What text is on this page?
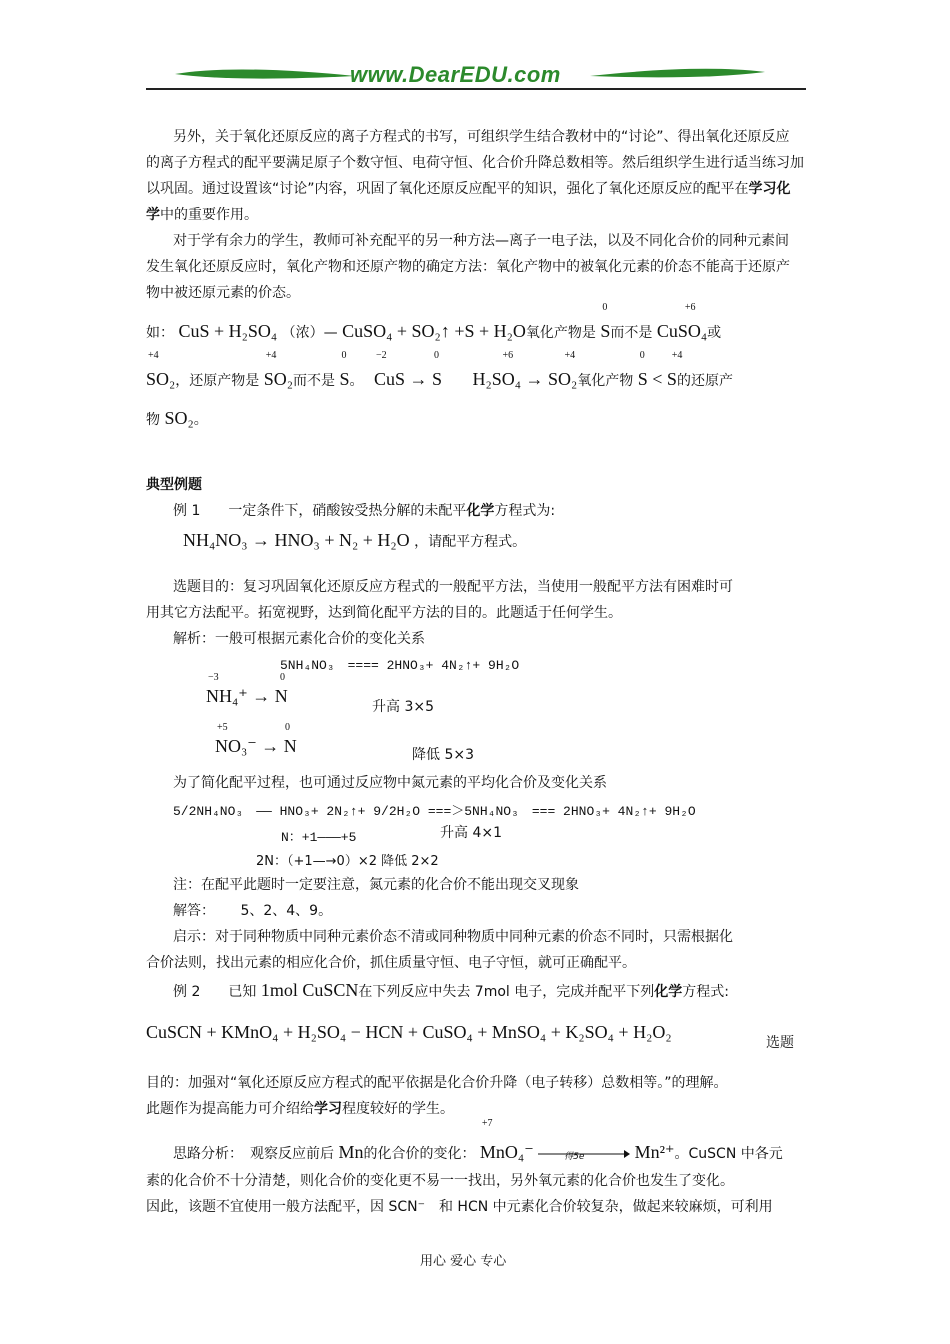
www.DearEDU.com
另外，关于氧化还原反应的离子方程式的书写，可组织学生结合教材中的“讨论”、得出氧化还原反应
的离子方程式的配平要满足原子个数守恒、电荷守恒、化合价升降总数相等。然后组织学生进行适当练习加
以巩固。通过设置该“讨论”内容，巩固了氧化还原反应配平的知识，强化了氧化还原反应的配平在学习化
学中的重要作用。
对于学有余力的学生，教师可补充配平的另一种方法—离子一电子法，以及不同化合价的同种元素间
发生氧化还原反应时，氧化产物和还原产物的确定方法：氧化产物中的被氧化元素的价态不能高于还原产
物中被还原元素的价态。
如： CuS + H₂SO₄ （浓）— CuSO₄ + SO₂↑ +S + H₂O氧化产物是
0
S而不是
+6
CuSO₄或
+4
SO₂，还原产物是
+4
SO₂而不是
0
S。
−2	0
CuS → S
+6	+4
H₂SO₄ → SO₂氧化产物
0	+4
S < S的还原产
物 SO₂。
典型例题
例 1　　一定条件下，硝酸铵受热分解的未配平化学方程式为:
NH₄NO₃ → HNO₃ + N₂ + H₂O ，请配平方程式。
选题目的：复习巩固氧化还原反应方程式的一般配平方法，当使用一般配平方法有困难时可
用其它方法配平。拓宽视野，达到简化配平方法的目的。此题适于任何学生。
解析：一般可根据元素化合价的变化关系
5NH₄NO₃　==== 2HNO₃+ 4N₂↑+ 9H₂O
−3	0
NH₄⁺ → N
升高 3×5
+5	0
NO₃⁻ → N	降低 5×3
为了简化配平过程，也可通过反应物中氮元素的平均化合价及变化关系
5/2NH₄NO₃　—— HNO₃+ 2N₂↑+ 9/2H₂O ===＞5NH₄NO₃　=== 2HNO₃+ 4N₂↑+ 9H₂O
N：+1———+5	升高 4×1
2N：（+1—→0）×2 降低 2×2
注：在配平此题时一定要注意，氮元素的化合价不能出现交叉现象
解答：　　 5、2、4、9。
启示：对于同种物质中同种元素价态不清或同种物质中同种元素的价态不同时，只需根据化
合价法则，找出元素的相应化合价，抓住质量守恒、电子守恒，就可正确配平。
例 2　　已知 1mol CuSCN在下列反应中失去 7mol 电子，完成并配平下列化学方程式:
CuSCN + KMnO₄ + H₂SO₄ − HCN + CuSO₄ + MnSO₄ + K₂SO₄ + H₂O₂
选题
目的：加强对“氧化还原反应方程式的配平依据是化合价升降（电子转移）总数相等。”的理解。
此题作为提高能力可介绍给学习程度较好的学生。
思路分析：　观察反应前后 Mn的化合价的变化：
+7
MnO₄⁻	得5e⁻	Mn²⁺。CuSCN 中各元
素的化合价不十分清楚，则化合价的变化更不易一一找出，另外氧元素的化合价也发生了变化。
因此，该题不宜使用一般方法配平，因 SCN⁻　和 HCN 中元素化合价较复杂，做起来较麻烦，可利用
用心 爱心 专心
